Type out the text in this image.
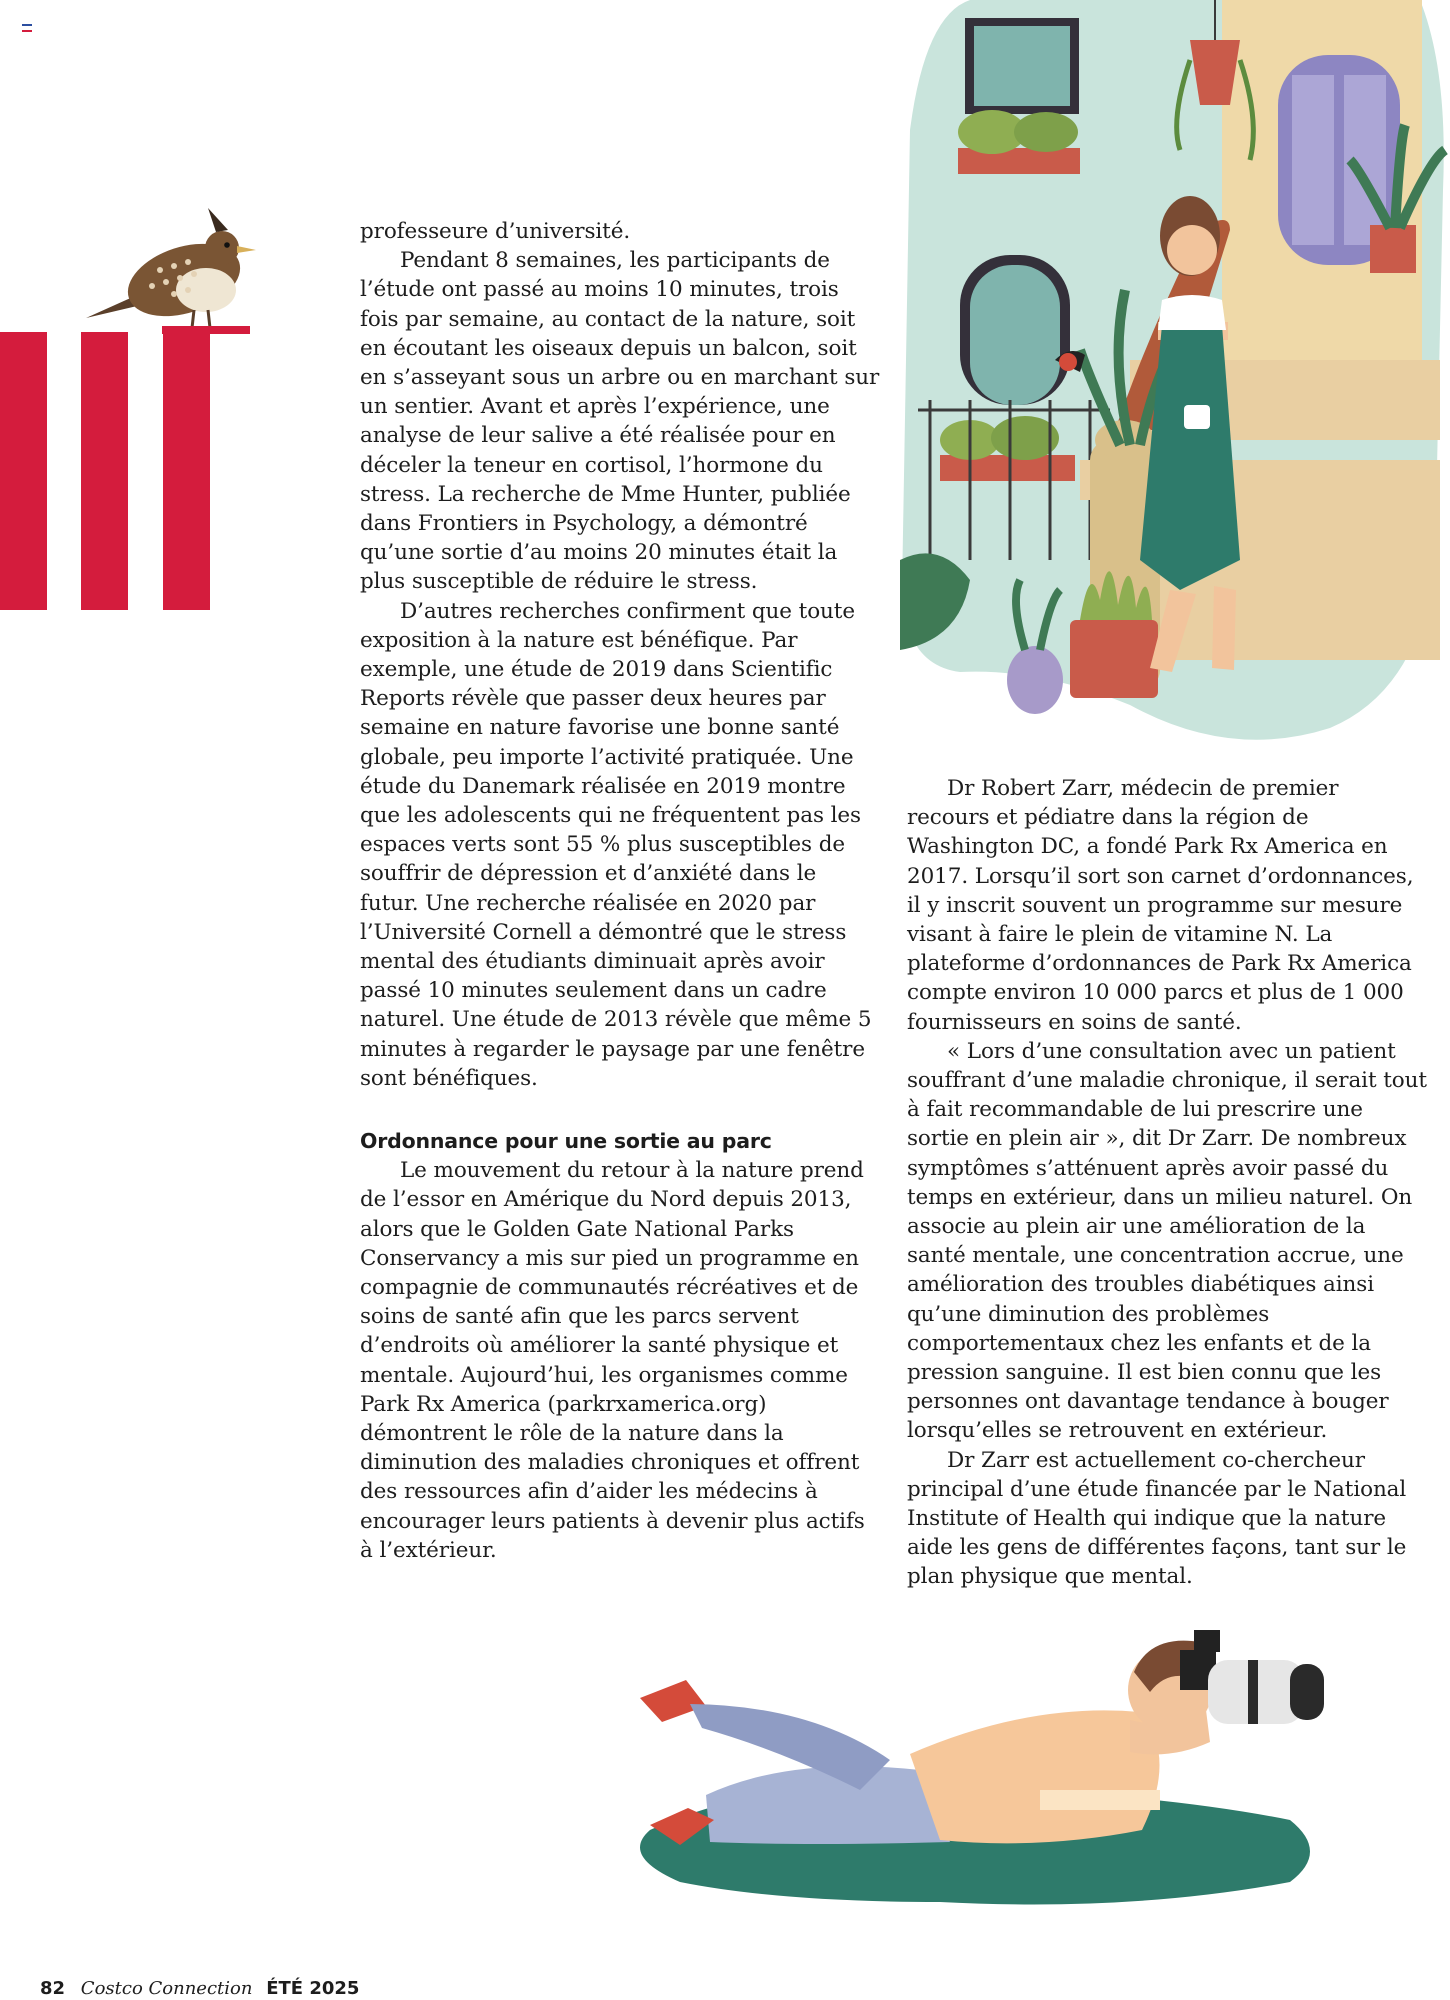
professeure d’université.

Pendant 8 semaines, les participants de l’étude ont passé au moins 10 minutes, trois fois par semaine, au contact de la nature, soit en écoutant les oiseaux depuis un balcon, soit en s’asseyant sous un arbre ou en marchant sur un sentier. Avant et après l’expérience, une analyse de leur salive a été réalisée pour en déceler la teneur en cortisol, l’hormone du stress. La recherche de Mme Hunter, publiée dans Frontiers in Psychology, a démontré qu’une sortie d’au moins 20 minutes était la plus susceptible de réduire le stress.

D’autres recherches confirment que toute exposition à la nature est bénéfique. Par exemple, une étude de 2019 dans Scientific Reports révèle que passer deux heures par semaine en nature favorise une bonne santé globale, peu importe l’activité pratiquée. Une étude du Danemark réalisée en 2019 montre que les adolescents qui ne fréquentent pas les espaces verts sont 55 % plus susceptibles de souffrir de dépression et d’anxiété dans le futur. Une recherche réalisée en 2020 par l’Université Cornell a démontré que le stress mental des étudiants diminuait après avoir passé 10 minutes seulement dans un cadre naturel. Une étude de 2013 révèle que même 5 minutes à regarder le paysage par une fenêtre sont bénéfiques.

Ordonnance pour une sortie au parc

Le mouvement du retour à la nature prend de l’essor en Amérique du Nord depuis 2013, alors que le Golden Gate National Parks Conservancy a mis sur pied un programme en compagnie de communautés récréatives et de soins de santé afin que les parcs servent d’endroits où améliorer la santé physique et mentale. Aujourd’hui, les organismes comme Park Rx America (parkrxamerica.org) démontrent le rôle de la nature dans la diminution des maladies chroniques et offrent des ressources afin d’aider les médecins à encourager leurs patients à devenir plus actifs à l’extérieur.

Dr Robert Zarr, médecin de premier recours et pédiatre dans la région de Washington DC, a fondé Park Rx America en 2017. Lorsqu’il sort son carnet d’ordonnances, il y inscrit souvent un programme sur mesure visant à faire le plein de vitamine N. La plateforme d’ordonnances de Park Rx America compte environ 10 000 parcs et plus de 1 000 fournisseurs en soins de santé.

« Lors d’une consultation avec un patient souffrant d’une maladie chronique, il serait tout à fait recommandable de lui prescrire une sortie en plein air », dit Dr Zarr. De nombreux symptômes s’atténuent après avoir passé du temps en extérieur, dans un milieu naturel. On associe au plein air une amélioration de la santé mentale, une concentration accrue, une amélioration des troubles diabétiques ainsi qu’une diminution des problèmes comportementaux chez les enfants et de la pression sanguine. Il est bien connu que les personnes ont davantage tendance à bouger lorsqu’elles se retrouvent en extérieur.

Dr Zarr est actuellement co-chercheur principal d’une étude financée par le National Institute of Health qui indique que la nature aide les gens de différentes façons, tant sur le plan physique que mental.

82 Costco Connection ÉTÉ 2025
